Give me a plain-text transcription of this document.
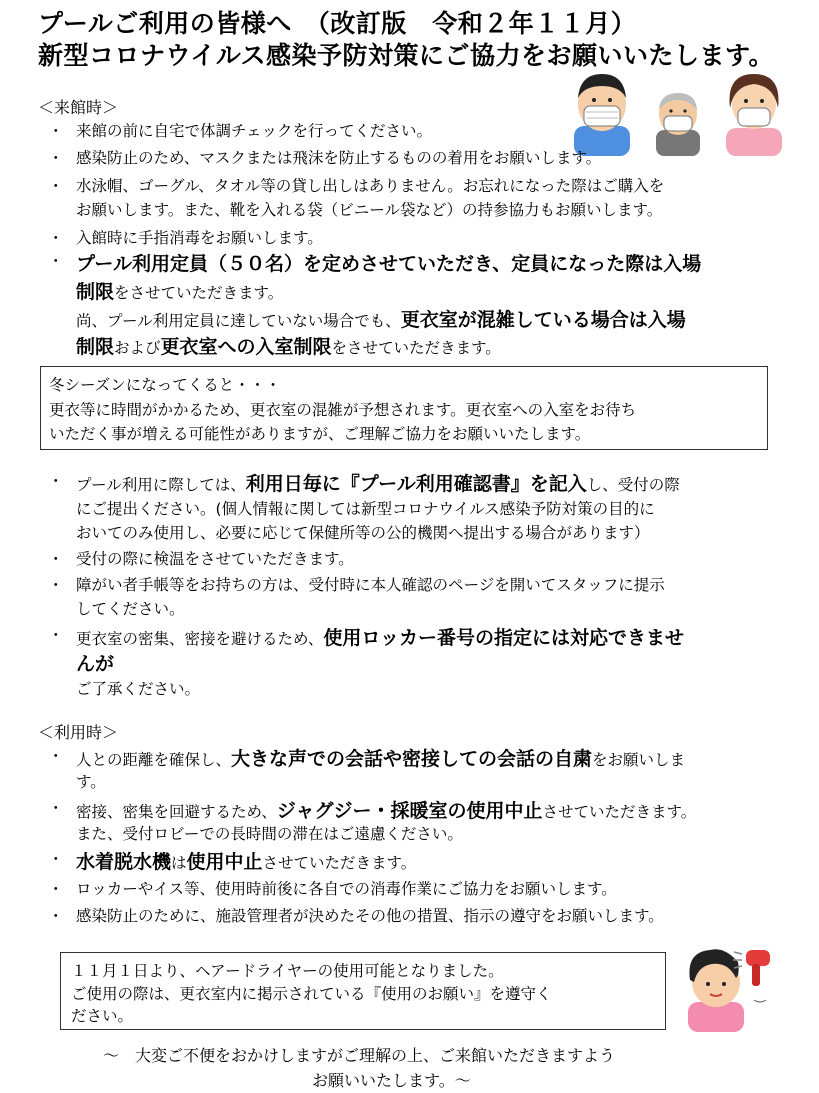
プールご利用の皆様へ　（改訂版　令和２年１１月）
新型コロナウイルス感染予防対策にご協力をお願いいたします。
＜来館時＞
・ 来館の前に自宅で体調チェックを行ってください。
・ 感染防止のため、マスクまたは飛沫を防止するものの着用をお願いします。
・ 水泳帽、ゴーグル、タオル等の貸し出しはありません。お忘れになった際はご購入を
お願いします。また、靴を入れる袋（ビニール袋など）の持参協力もお願いします。
・ 入館時に手指消毒をお願いします。
・ プール利用定員（５０名）を定めさせていただき、定員になった際は入場
制限をさせていただきます。
尚、プール利用定員に達していない場合でも、更衣室が混雑している場合は入場
制限および更衣室への入室制限をさせていただきます。
冬シーズンになってくると・・・
更衣等に時間がかかるため、更衣室の混雑が予想されます。更衣室への入室をお待ち
いただく事が増える可能性がありますが、ご理解ご協力をお願いいたします。
・ プール利用に際しては、利用日毎に『プール利用確認書』を記入し、受付の際
にご提出ください。(個人情報に関しては新型コロナウイルス感染予防対策の目的に
おいてのみ使用し、必要に応じて保健所等の公的機関へ提出する場合があります）
・ 受付の際に検温をさせていただきます。
・ 障がい者手帳等をお持ちの方は、受付時に本人確認のページを開いてスタッフに提示
してください。
・ 更衣室の密集、密接を避けるため、使用ロッカー番号の指定には対応できませ
んが
ご了承ください。
＜利用時＞
・ 人との距離を確保し、大きな声での会話や密接しての会話の自粛をお願いしま
す。
・ 密接、密集を回避するため、ジャグジー・採暖室の使用中止させていただきます。
また、受付ロビーでの長時間の滞在はご遠慮ください。
・ 水着脱水機は使用中止させていただきます。
・ ロッカーやイス等、使用時前後に各自での消毒作業にご協力をお願いします。
・ 感染防止のために、施設管理者が決めたその他の措置、指示の遵守をお願いします。
１１月１日より、ヘアードライヤーの使用可能となりました。
ご使用の際は、更衣室内に掲示されている『使用のお願い』を遵守く
ださい。
～　大変ご不便をおかけしますがご理解の上、ご来館いただきますよう
お願いいたします。～
